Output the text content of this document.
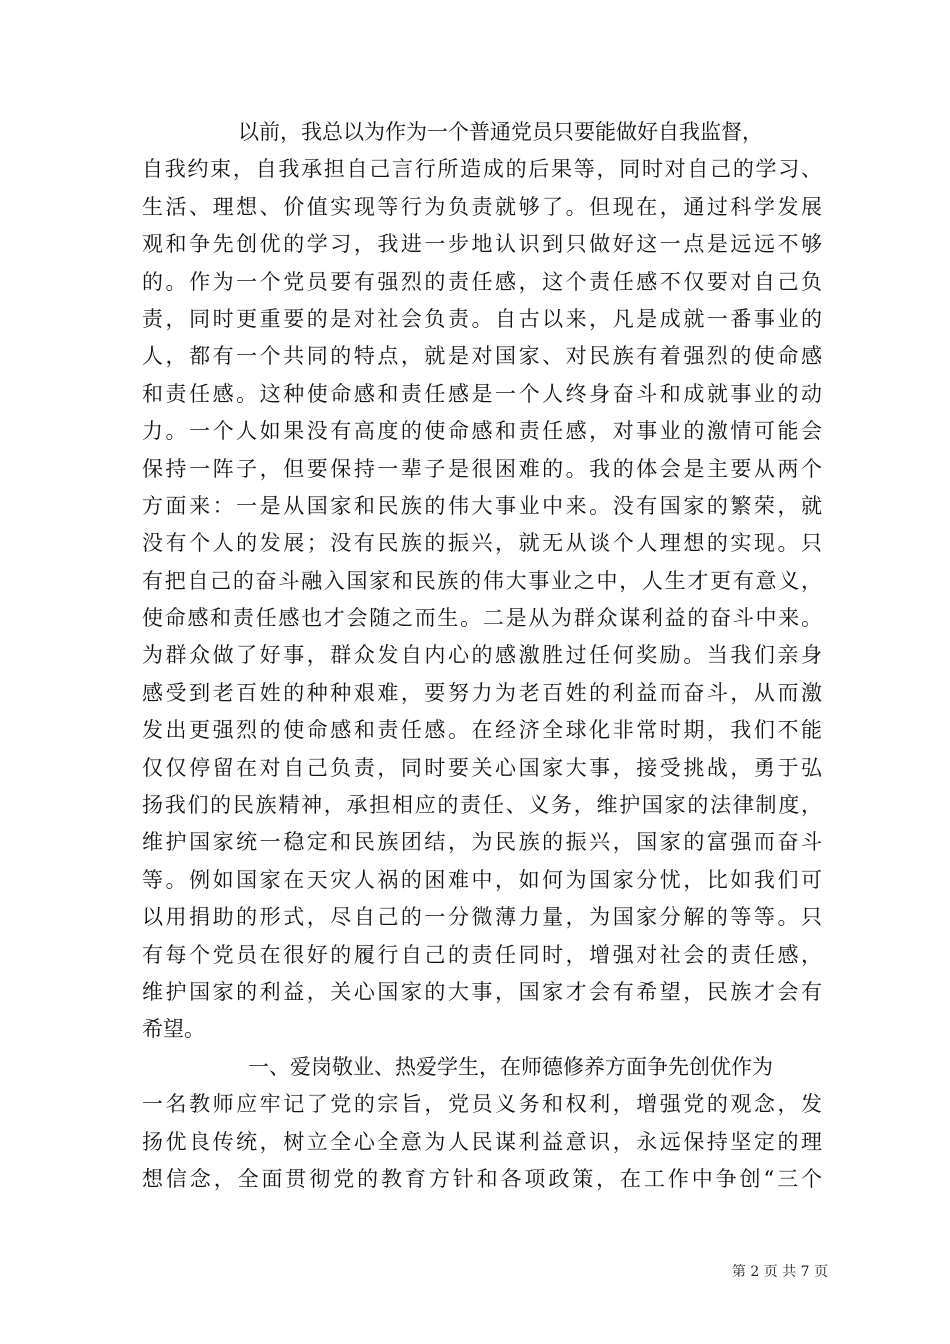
以前，我总以为作为一个普通党员只要能做好自我监督，
自我约束，自我承担自己言行所造成的后果等，同时对自己的学习、
生活、理想、价值实现等行为负责就够了。但现在，通过科学发展
观和争先创优的学习，我进一步地认识到只做好这一点是远远不够
的。作为一个党员要有强烈的责任感，这个责任感不仅要对自己负
责，同时更重要的是对社会负责。自古以来，凡是成就一番事业的
人，都有一个共同的特点，就是对国家、对民族有着强烈的使命感
和责任感。这种使命感和责任感是一个人终身奋斗和成就事业的动
力。一个人如果没有高度的使命感和责任感，对事业的激情可能会
保持一阵子，但要保持一辈子是很困难的。我的体会是主要从两个
方面来：一是从国家和民族的伟大事业中来。没有国家的繁荣，就
没有个人的发展；没有民族的振兴，就无从谈个人理想的实现。只
有把自己的奋斗融入国家和民族的伟大事业之中，人生才更有意义，
使命感和责任感也才会随之而生。二是从为群众谋利益的奋斗中来。
为群众做了好事，群众发自内心的感激胜过任何奖励。当我们亲身
感受到老百姓的种种艰难，要努力为老百姓的利益而奋斗，从而激
发出更强烈的使命感和责任感。在经济全球化非常时期，我们不能
仅仅停留在对自己负责，同时要关心国家大事，接受挑战，勇于弘
扬我们的民族精神，承担相应的责任、义务，维护国家的法律制度，
维护国家统一稳定和民族团结，为民族的振兴，国家的富强而奋斗
等。例如国家在天灾人祸的困难中，如何为国家分忧，比如我们可
以用捐助的形式，尽自己的一分微薄力量，为国家分解的等等。只
有每个党员在很好的履行自己的责任同时，增强对社会的责任感，
维护国家的利益，关心国家的大事，国家才会有希望，民族才会有
希望。
一、爱岗敬业、热爱学生，在师德修养方面争先创优作为
一名教师应牢记了党的宗旨，党员义务和权利，增强党的观念，发
扬优良传统，树立全心全意为人民谋利益意识，永远保持坚定的理
想信念，全面贯彻党的教育方针和各项政策，在工作中争创“三个
第 2 页 共 7 页
